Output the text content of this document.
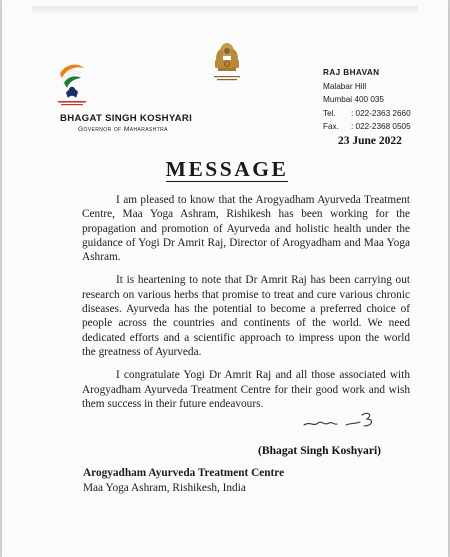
BHAGAT SINGH KOSHYARI
Governor of Maharashtra
RAJ BHAVAN
Malabar Hill
Mumbai 400 035
Tel. : 022-2363 2660
Fax. : 022-2368 0505
23 June 2022
MESSAGE

I am pleased to know that the Arogyadham Ayurveda Treatment Centre, Maa Yoga Ashram, Rishikesh has been working for the propagation and promotion of Ayurveda and holistic health under the guidance of Yogi Dr Amrit Raj, Director of Arogyadham and Maa Yoga Ashram.

It is heartening to note that Dr Amrit Raj has been carrying out research on various herbs that promise to treat and cure various chronic diseases. Ayurveda has the potential to become a preferred choice of people across the countries and continents of the world. We need dedicated efforts and a scientific approach to impress upon the world the greatness of Ayurveda.

I congratulate Yogi Dr Amrit Raj and all those associated with Arogyadham Ayurveda Treatment Centre for their good work and wish them success in their future endeavours.

(Bhagat Singh Koshyari)
Arogyadham Ayurveda Treatment Centre
Maa Yoga Ashram, Rishikesh, India
